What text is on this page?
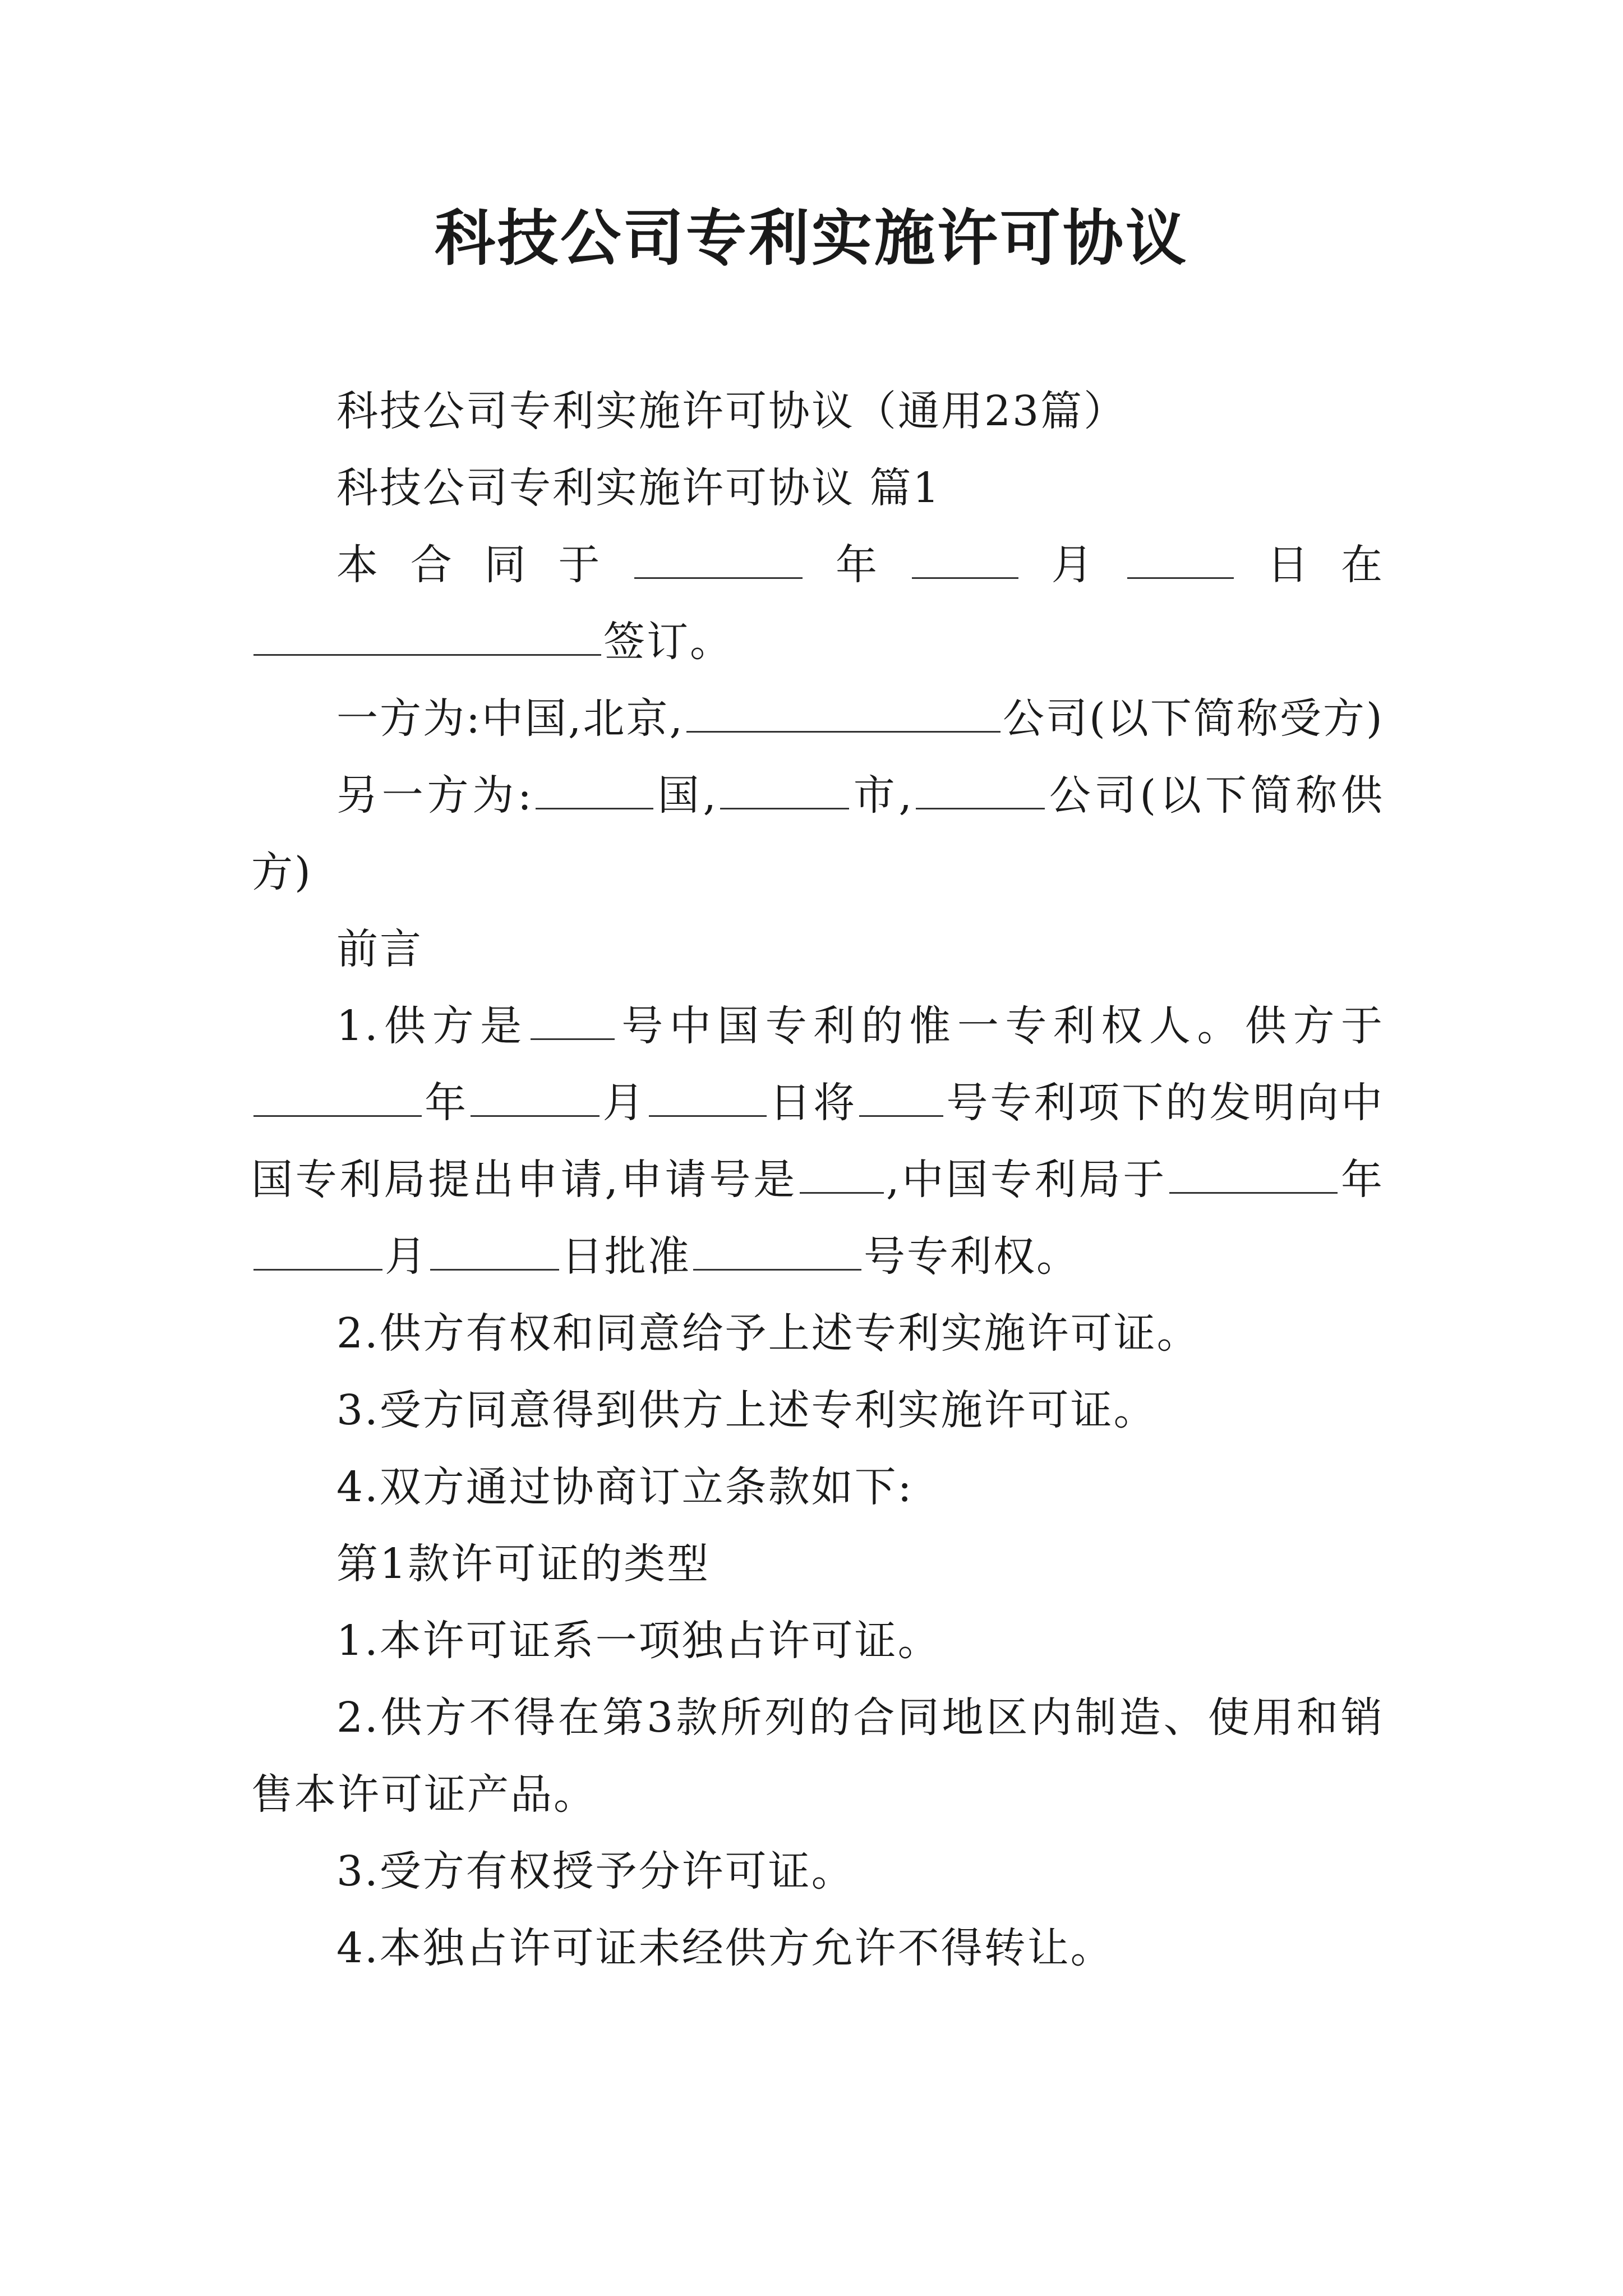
科技公司专利实施许可协议

科技公司专利实施许可协议（通用23篇）

科技公司专利实施许可协议 篇1

本合同于	年	月	日在签订。

一方为:中国,北京,	公司(以下简称受方)

另一方为:	国,	市,	公司(以下简称供方)

前言

1.供方是 号中国专利的惟一专利权人。供方于年	月	日将 号专利项下的发明向中国专利局提出申请,申请号是 ,中国专利局于	年月	日批准	号专利权。

2.供方有权和同意给予上述专利实施许可证。

3.受方同意得到供方上述专利实施许可证。

4.双方通过协商订立条款如下:

第1款许可证的类型

1.本许可证系一项独占许可证。

2.供方不得在第3款所列的合同地区内制造、使用和销售本许可证产品。

3.受方有权授予分许可证。

4.本独占许可证未经供方允许不得转让。
